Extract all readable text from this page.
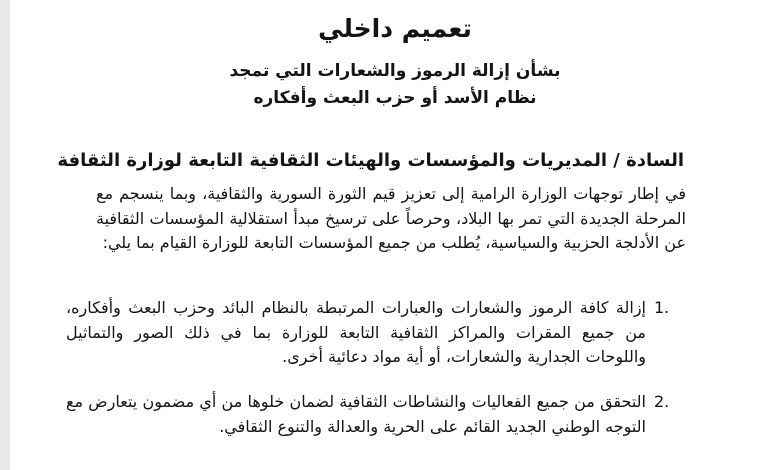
تعميم داخلي
بشأن إزالة الرموز والشعارات التي تمجد
نظام الأسد أو حزب البعث وأفكاره
السادة / المديريات والمؤسسات والهيئات الثقافية التابعة لوزارة الثقافة
في إطار توجهات الوزارة الرامية إلى تعزيز قيم الثورة السورية والثقافية، وبما ينسجم مع المرحلة الجديدة التي تمر بها البلاد، وحرصاً على ترسيخ مبدأ استقلالية المؤسسات الثقافية عن الأدلجة الحزبية والسياسية، يُطلب من جميع المؤسسات التابعة للوزارة القيام بما يلي:
1.
إزالة كافة الرموز والشعارات والعبارات المرتبطة بالنظام البائد وحزب البعث وأفكاره، من جميع المقرات والمراكز الثقافية التابعة للوزارة بما في ذلك الصور والتماثيل واللوحات الجدارية والشعارات، أو أية مواد دعائية أخرى.
2.
التحقق من جميع الفعاليات والنشاطات الثقافية لضمان خلوها من أي مضمون يتعارض مع التوجه الوطني الجديد القائم على الحرية والعدالة والتنوع الثقافي.
